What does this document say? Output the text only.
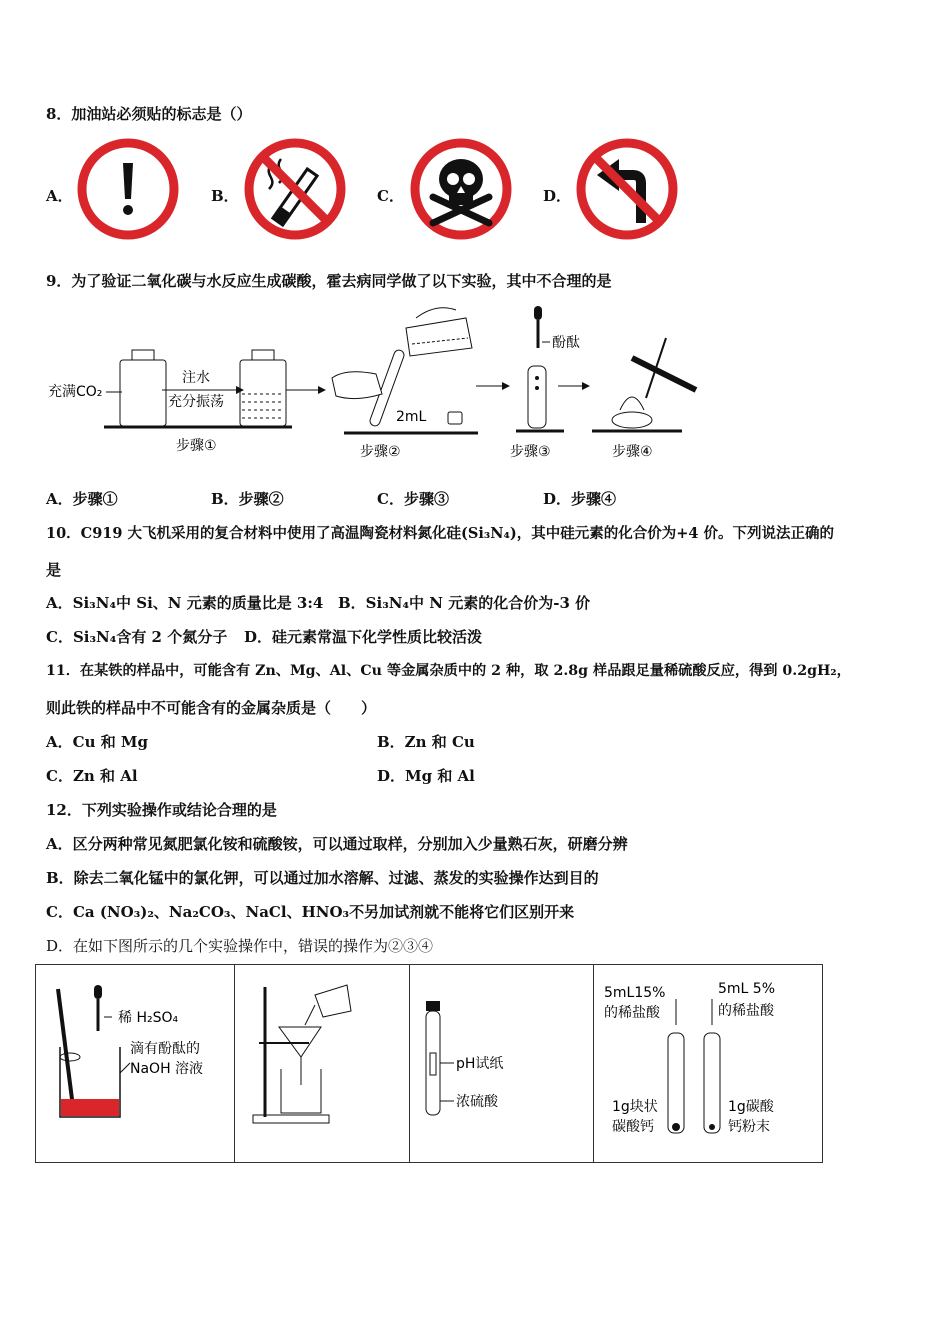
8．加油站必须贴的标志是（）
A．	B．	C．	D．
9．为了验证二氧化碳与水反应生成碳酸，霍去病同学做了以下实验，其中不合理的是
充满CO₂
注水
充分振荡
步骤①
2mL
步骤②
酚酞
步骤③	步骤④
A．步骤①	B．步骤②	C．步骤③	D．步骤④
10．C919 大飞机采用的复合材料中使用了高温陶瓷材料氮化硅(Si₃N₄)，其中硅元素的化合价为+4 价。下列说法正确的
是
A．Si₃N₄中 Si、N 元素的质量比是 3:4 B．Si₃N₄中 N 元素的化合价为-3 价
C．Si₃N₄含有 2 个氮分子 D．硅元素常温下化学性质比较活泼
11．在某铁的样品中，可能含有 Zn、Mg、Al、Cu 等金属杂质中的 2 种，取 2.8g 样品跟足量稀硫酸反应，得到 0.2gH₂，
则此铁的样品中不可能含有的金属杂质是（　　）
A．Cu 和 Mg	B．Zn 和 Cu
C．Zn 和 Al	D．Mg 和 Al
12．下列实验操作或结论合理的是
A．区分两种常见氮肥氯化铵和硫酸铵，可以通过取样，分别加入少量熟石灰，研磨分辨
B．除去二氧化锰中的氯化钾，可以通过加水溶解、过滤、蒸发的实验操作达到目的
C．Ca (NO₃)₂、Na₂CO₃、NaCl、HNO₃不另加试剂就不能将它们区别开来
D．在如下图所示的几个实验操作中，错误的操作为②③④
稀 H₂SO₄
滴有酚酞的
NaOH 溶液	pH试纸
浓硫酸
5mL15%
的稀盐酸
5mL 5%
的稀盐酸
1g块状
碳酸钙
1g碳酸
钙粉末
